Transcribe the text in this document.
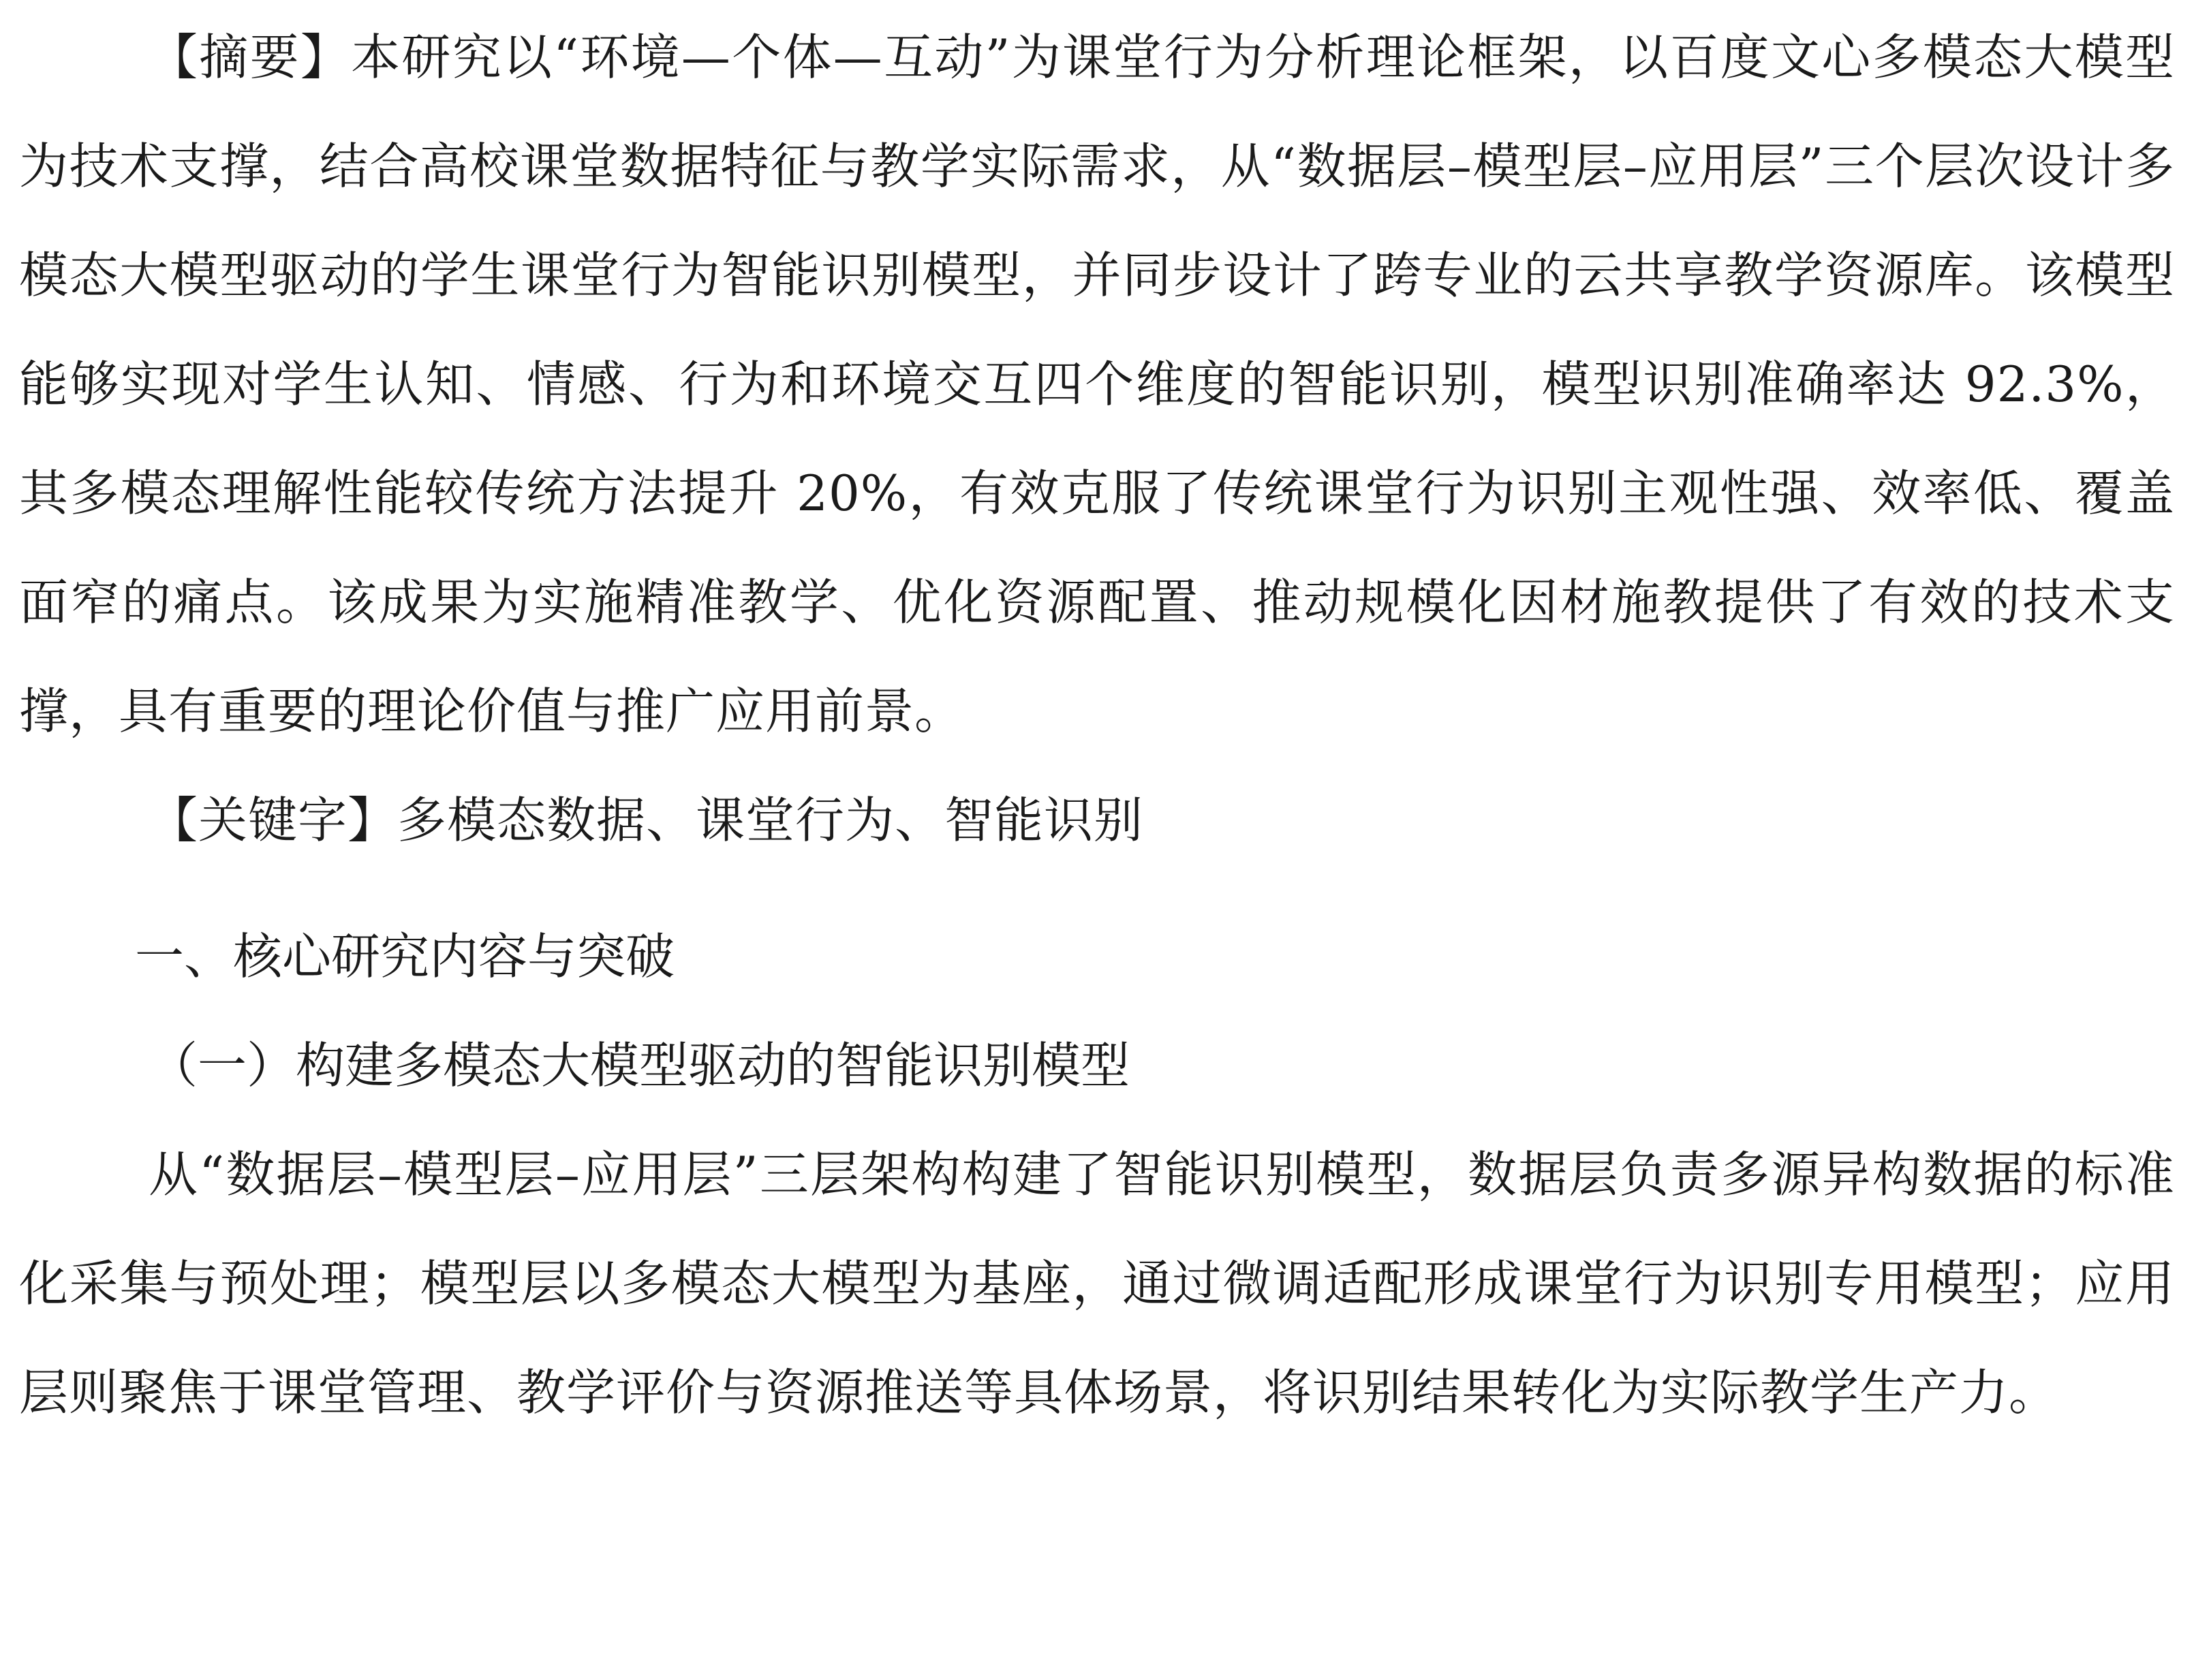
【摘要】本研究以“环境—个体—互动”为课堂行为分析理论框架，以百度文心多模态大模型为技术支撑，结合高校课堂数据特征与教学实际需求，从“数据层–模型层–应用层”三个层次设计多模态大模型驱动的学生课堂行为智能识别模型，并同步设计了跨专业的云共享教学资源库。该模型能够实现对学生认知、情感、行为和环境交互四个维度的智能识别，模型识别准确率达 92.3%，其多模态理解性能较传统方法提升 20%，有效克服了传统课堂行为识别主观性强、效率低、覆盖面窄的痛点。该成果为实施精准教学、优化资源配置、推动规模化因材施教提供了有效的技术支撑，具有重要的理论价值与推广应用前景。

【关键字】多模态数据、课堂行为、智能识别

一、核心研究内容与突破
（一）构建多模态大模型驱动的智能识别模型

从“数据层–模型层–应用层”三层架构构建了智能识别模型，数据层负责多源异构数据的标准化采集与预处理；模型层以多模态大模型为基座，通过微调适配形成课堂行为识别专用模型；应用层则聚焦于课堂管理、教学评价与资源推送等具体场景，将识别结果转化为实际教学生产力。
